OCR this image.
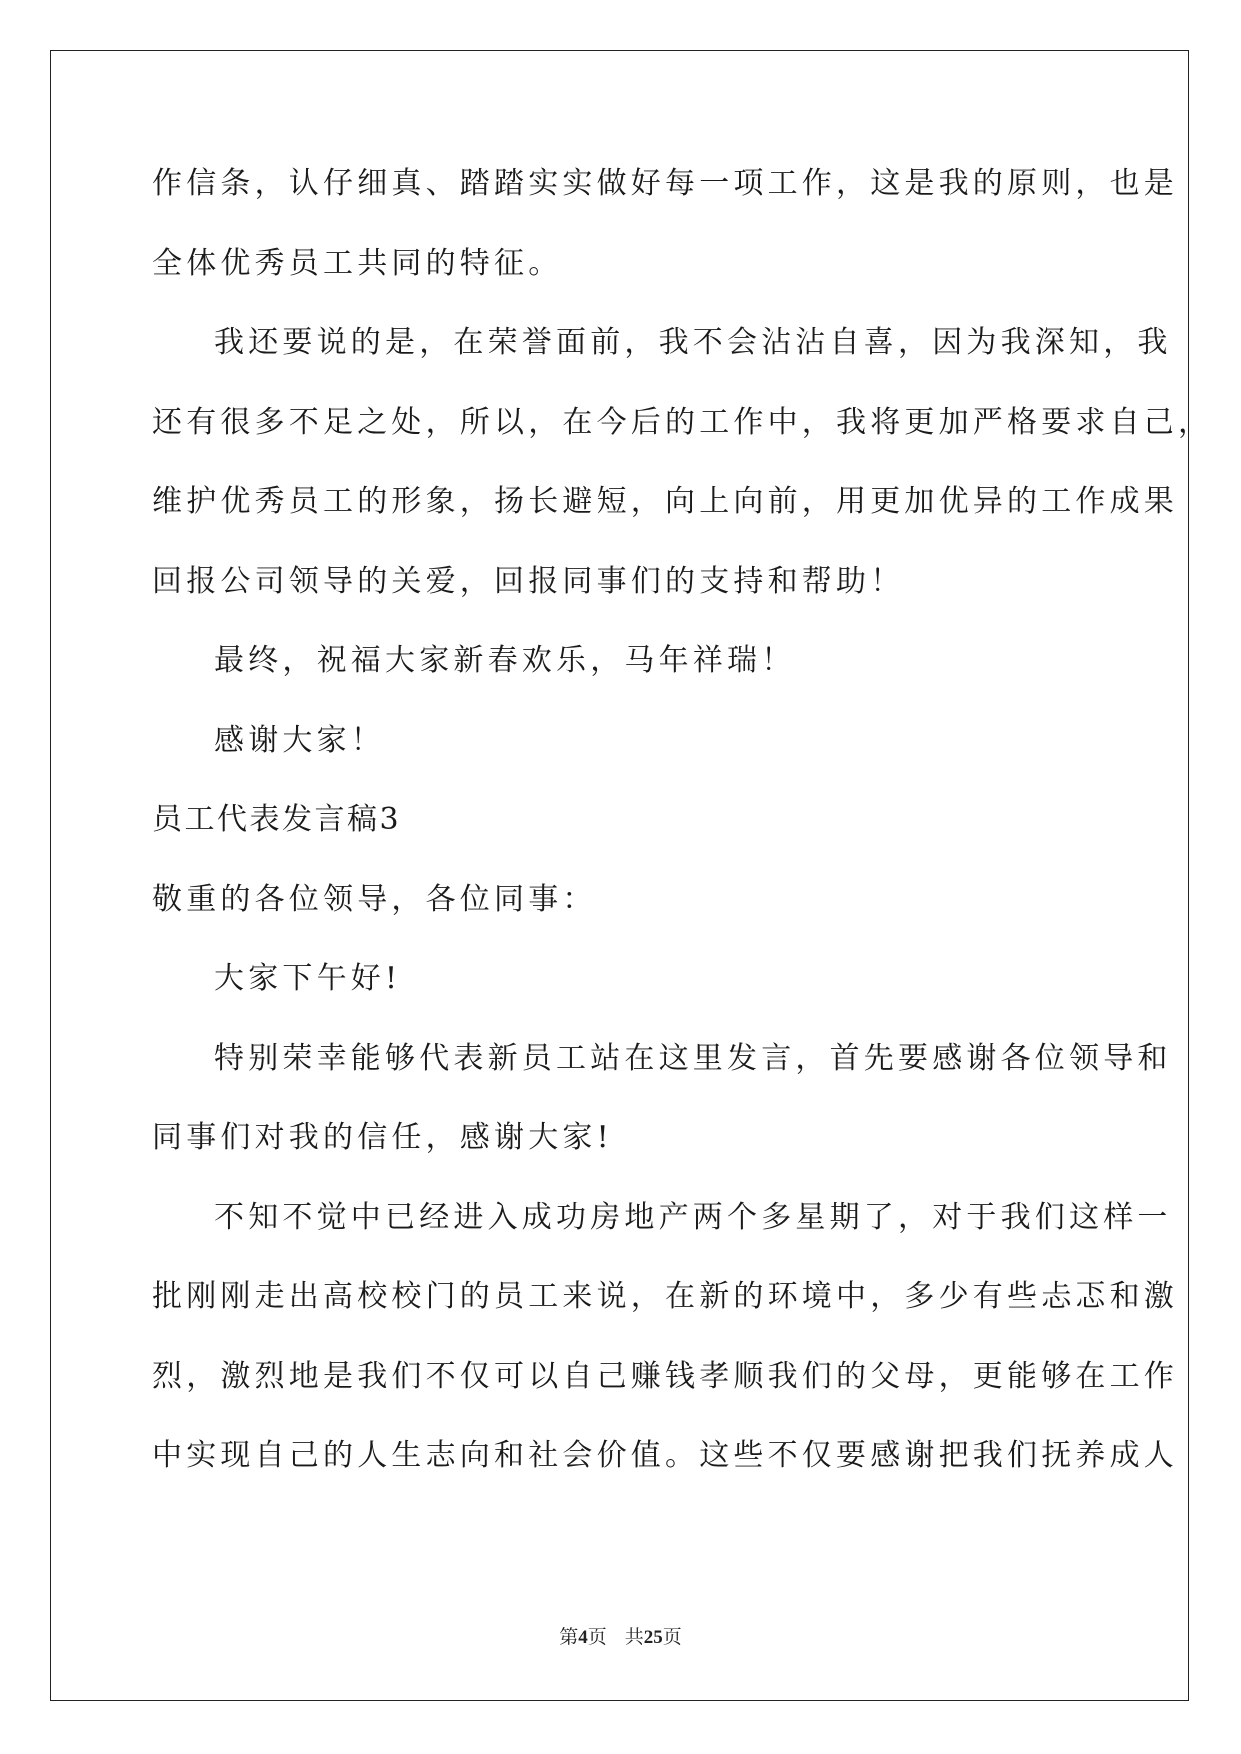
作信条，认仔细真、踏踏实实做好每一项工作，这是我的原则，也是
全体优秀员工共同的特征。
我还要说的是，在荣誉面前，我不会沾沾自喜，因为我深知，我
还有很多不足之处，所以，在今后的工作中，我将更加严格要求自己，
维护优秀员工的形象，扬长避短，向上向前，用更加优异的工作成果
回报公司领导的关爱，回报同事们的支持和帮助！
最终，祝福大家新春欢乐，马年祥瑞！
感谢大家！
员工代表发言稿3
敬重的各位领导，各位同事：
大家下午好!
特别荣幸能够代表新员工站在这里发言，首先要感谢各位领导和
同事们对我的信任，感谢大家!
不知不觉中已经进入成功房地产两个多星期了，对于我们这样一
批刚刚走出高校校门的员工来说，在新的环境中，多少有些忐忑和激
烈，激烈地是我们不仅可以自己赚钱孝顺我们的父母，更能够在工作
中实现自己的人生志向和社会价值。这些不仅要感谢把我们抚养成人
第4页 共25页
